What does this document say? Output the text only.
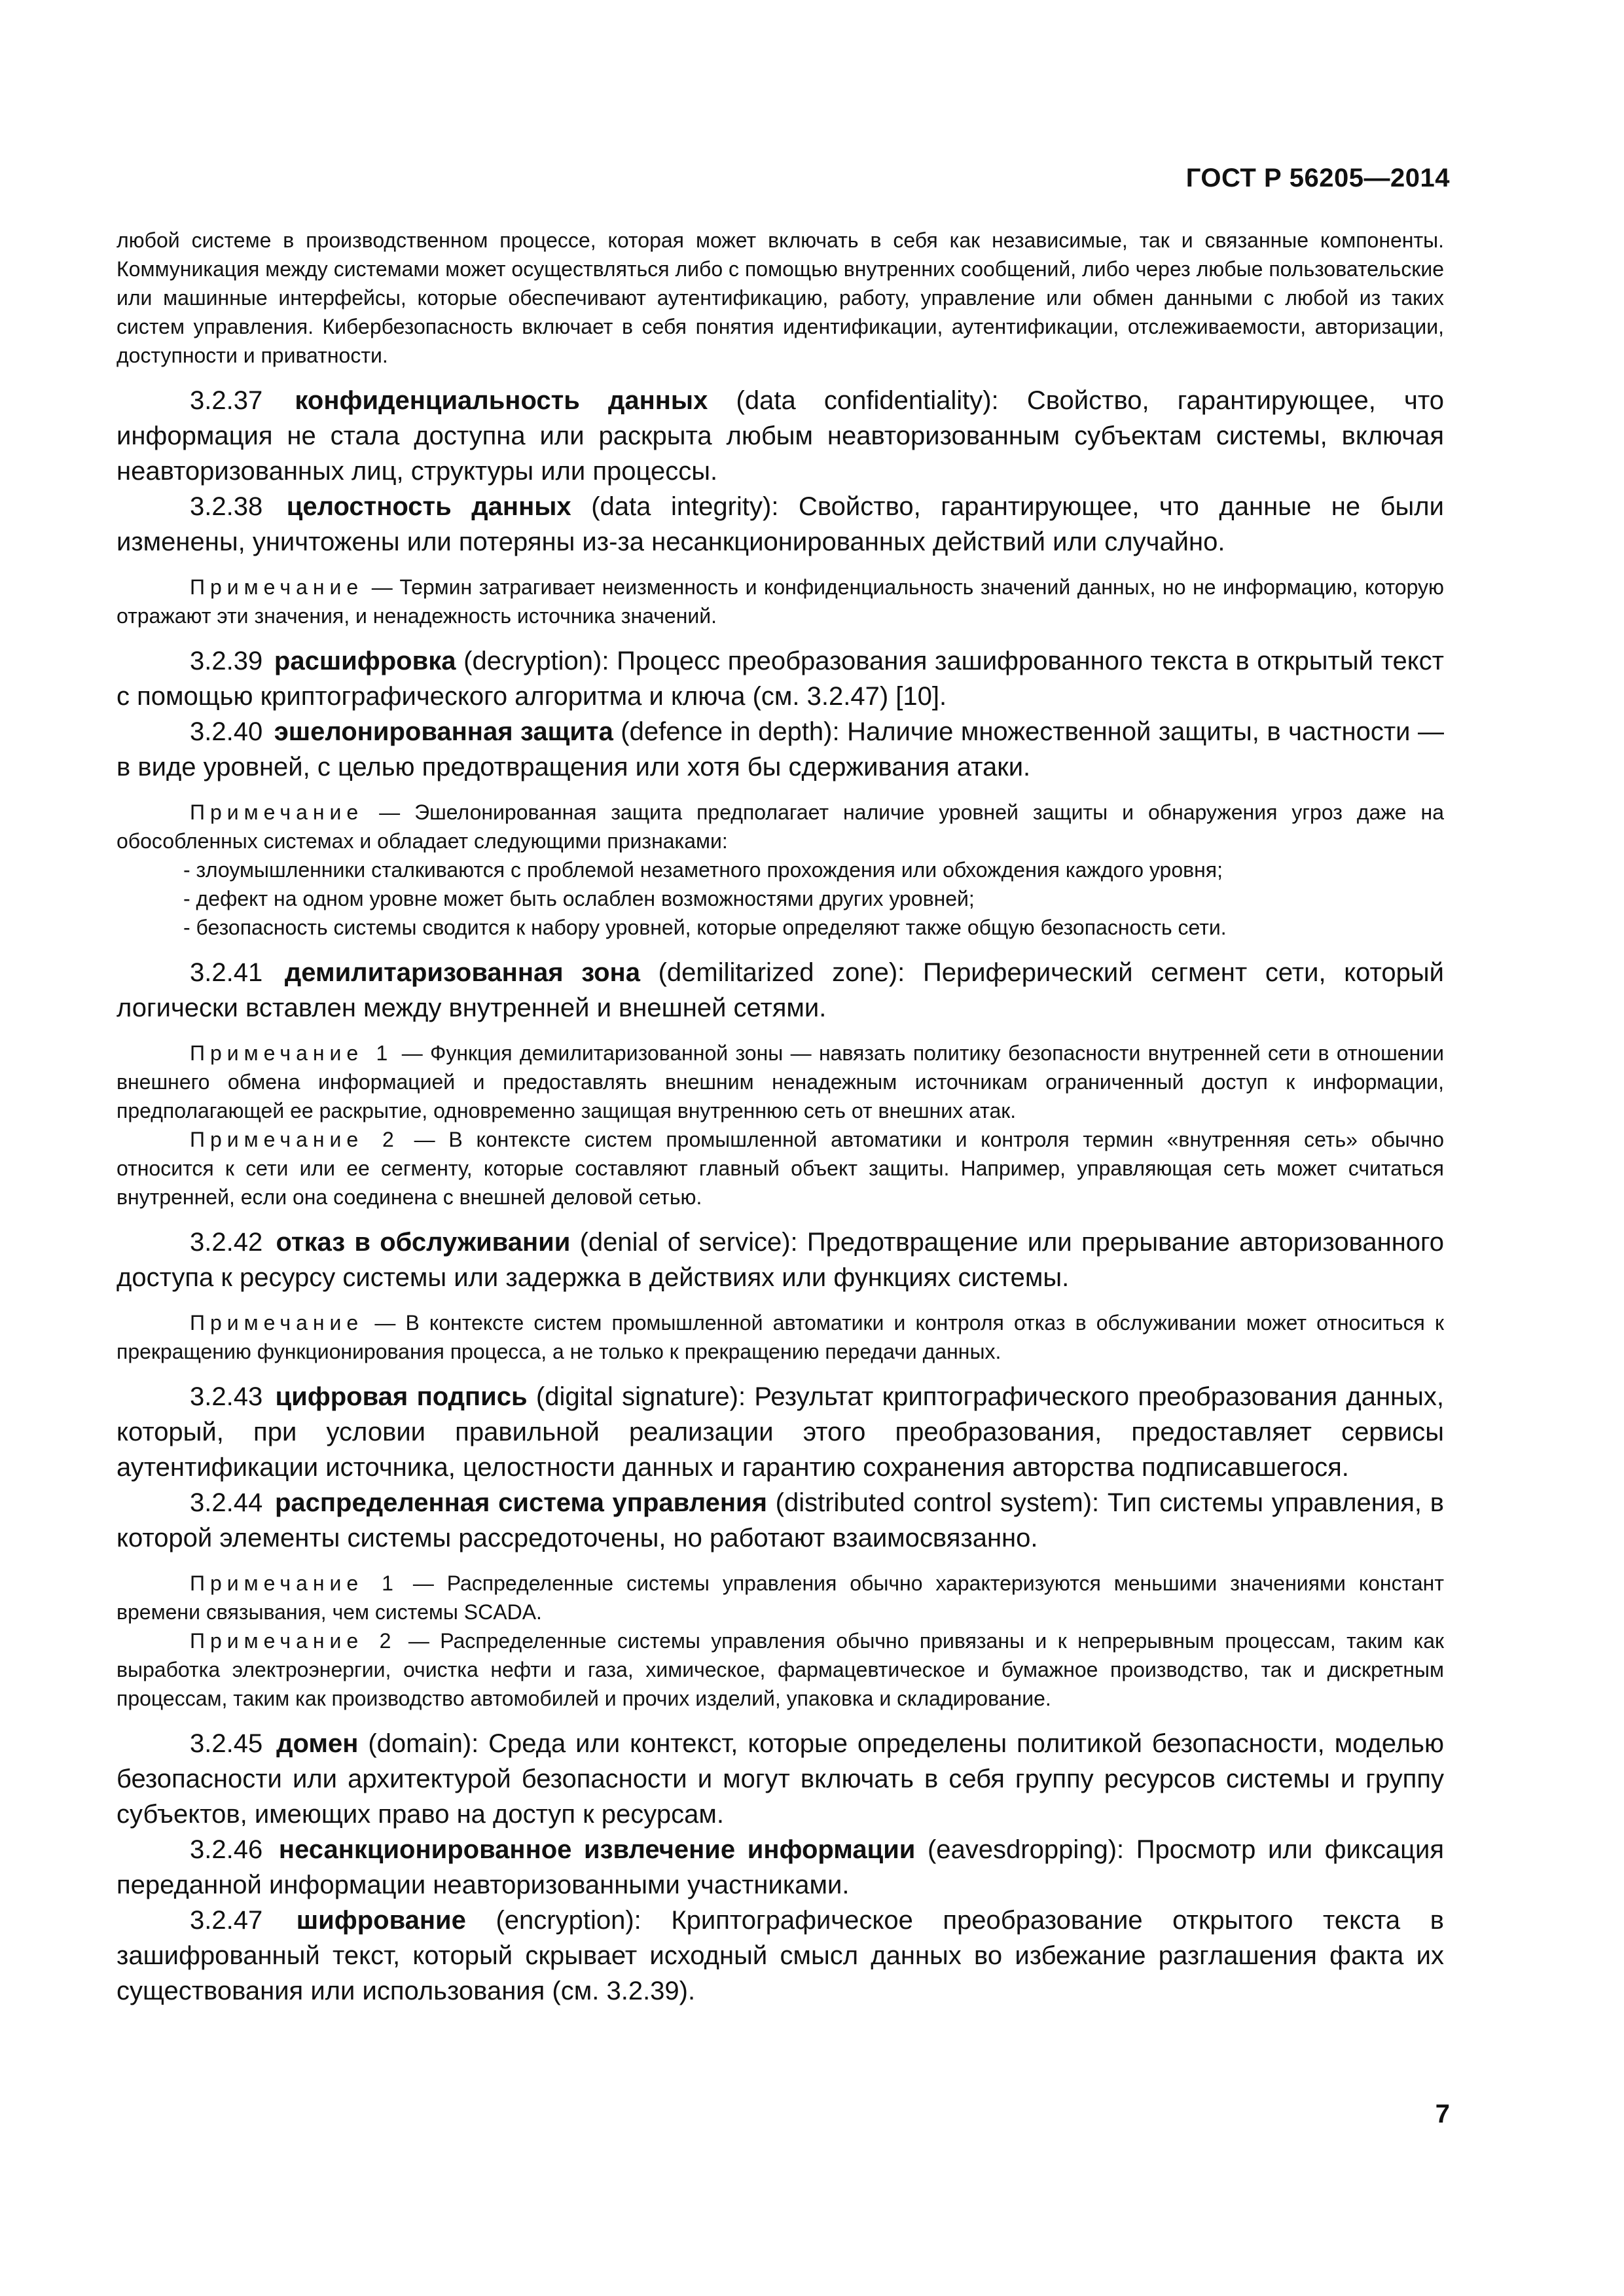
ГОСТ Р 56205—2014

любой системе в производственном процессе, которая может включать в себя как независимые, так и связанные компоненты. Коммуникация между системами может осуществляться либо с помощью внутренних сообщений, либо через любые пользовательские или машинные интерфейсы, которые обеспечивают аутентификацию, работу, управление или обмен данными с любой из таких систем управления. Кибербезопасность включает в себя понятия идентификации, аутентификации, отслеживаемости, авторизации, доступности и приватности.

3.2.37 конфиденциальность данных (data confidentiality): Свойство, гарантирующее, что информация не стала доступна или раскрыта любым неавторизованным субъектам системы, включая неавторизованных лиц, структуры или процессы.

3.2.38 целостность данных (data integrity): Свойство, гарантирующее, что данные не были изменены, уничтожены или потеряны из-за несанкционированных действий или случайно.

Примечание — Термин затрагивает неизменность и конфиденциальность значений данных, но не информацию, которую отражают эти значения, и ненадежность источника значений.

3.2.39 расшифровка (decryption): Процесс преобразования зашифрованного текста в открытый текст с помощью криптографического алгоритма и ключа (см. 3.2.47) [10].

3.2.40 эшелонированная защита (defence in depth): Наличие множественной защиты, в частности — в виде уровней, с целью предотвращения или хотя бы сдерживания атаки.

Примечание — Эшелонированная защита предполагает наличие уровней защиты и обнаружения угроз даже на обособленных системах и обладает следующими признаками:

- злоумышленники сталкиваются с проблемой незаметного прохождения или обхождения каждого уровня;

- дефект на одном уровне может быть ослаблен возможностями других уровней;

- безопасность системы сводится к набору уровней, которые определяют также общую безопасность сети.

3.2.41 демилитаризованная зона (demilitarized zone): Периферический сегмент сети, который логически вставлен между внутренней и внешней сетями.

Примечание 1 — Функция демилитаризованной зоны — навязать политику безопасности внутренней сети в отношении внешнего обмена информацией и предоставлять внешним ненадежным источникам ограниченный доступ к информации, предполагающей ее раскрытие, одновременно защищая внутреннюю сеть от внешних атак.

Примечание 2 — В контексте систем промышленной автоматики и контроля термин «внутренняя сеть» обычно относится к сети или ее сегменту, которые составляют главный объект защиты. Например, управляющая сеть может считаться внутренней, если она соединена с внешней деловой сетью.

3.2.42 отказ в обслуживании (denial of service): Предотвращение или прерывание авторизованного доступа к ресурсу системы или задержка в действиях или функциях системы.

Примечание — В контексте систем промышленной автоматики и контроля отказ в обслуживании может относиться к прекращению функционирования процесса, а не только к прекращению передачи данных.

3.2.43 цифровая подпись (digital signature): Результат криптографического преобразования данных, который, при условии правильной реализации этого преобразования, предоставляет сервисы аутентификации источника, целостности данных и гарантию сохранения авторства подписавшегося.

3.2.44 распределенная система управления (distributed control system): Тип системы управления, в которой элементы системы рассредоточены, но работают взаимосвязанно.

Примечание 1 — Распределенные системы управления обычно характеризуются меньшими значениями констант времени связывания, чем системы SCADA.

Примечание 2 — Распределенные системы управления обычно привязаны и к непрерывным процессам, таким как выработка электроэнергии, очистка нефти и газа, химическое, фармацевтическое и бумажное производство, так и дискретным процессам, таким как производство автомобилей и прочих изделий, упаковка и складирование.

3.2.45 домен (domain): Среда или контекст, которые определены политикой безопасности, моделью безопасности или архитектурой безопасности и могут включать в себя группу ресурсов системы и группу субъектов, имеющих право на доступ к ресурсам.

3.2.46 несанкционированное извлечение информации (eavesdropping): Просмотр или фиксация переданной информации неавторизованными участниками.

3.2.47 шифрование (encryption): Криптографическое преобразование открытого текста в зашифрованный текст, который скрывает исходный смысл данных во избежание разглашения факта их существования или использования (см. 3.2.39).

7
